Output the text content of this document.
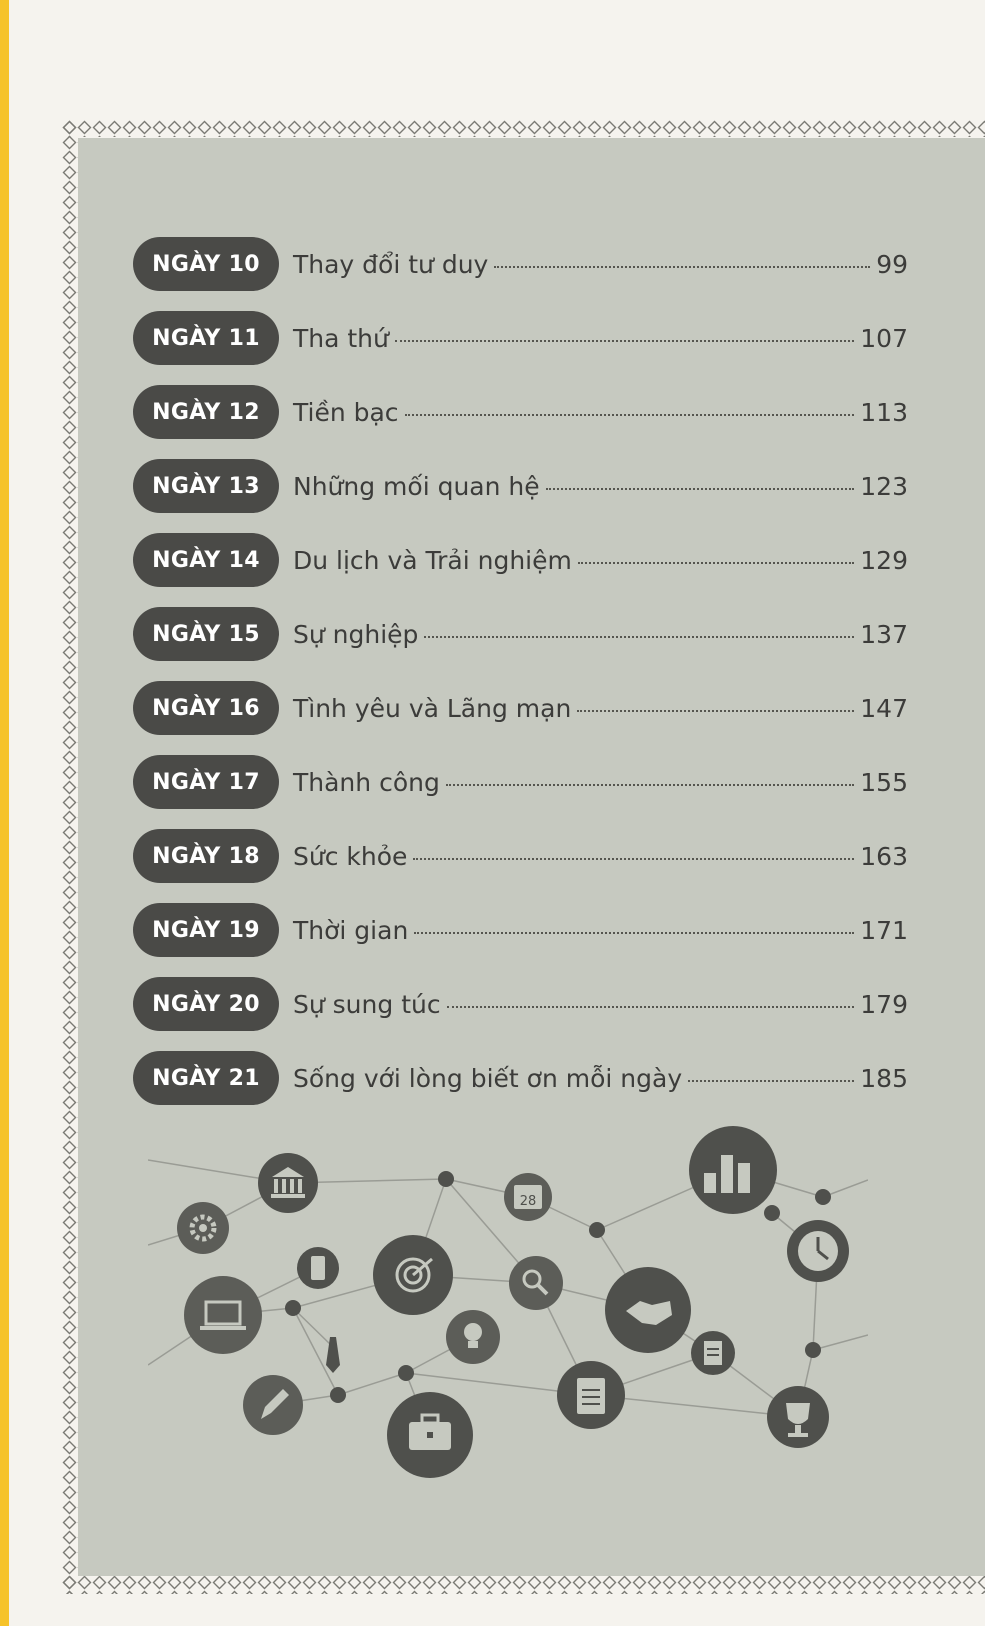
NGÀY 10	Thay đổi tư duy	99
NGÀY 11	Tha thứ	107
NGÀY 12	Tiền bạc	113
NGÀY 13	Những mối quan hệ	123
NGÀY 14	Du lịch và Trải nghiệm	129
NGÀY 15	Sự nghiệp	137
NGÀY 16	Tình yêu và Lãng mạn	147
NGÀY 17	Thành công	155
NGÀY 18	Sức khỏe	163
NGÀY 19	Thời gian	171
NGÀY 20	Sự sung túc	179
NGÀY 21	Sống với lòng biết ơn mỗi ngày	185
28
